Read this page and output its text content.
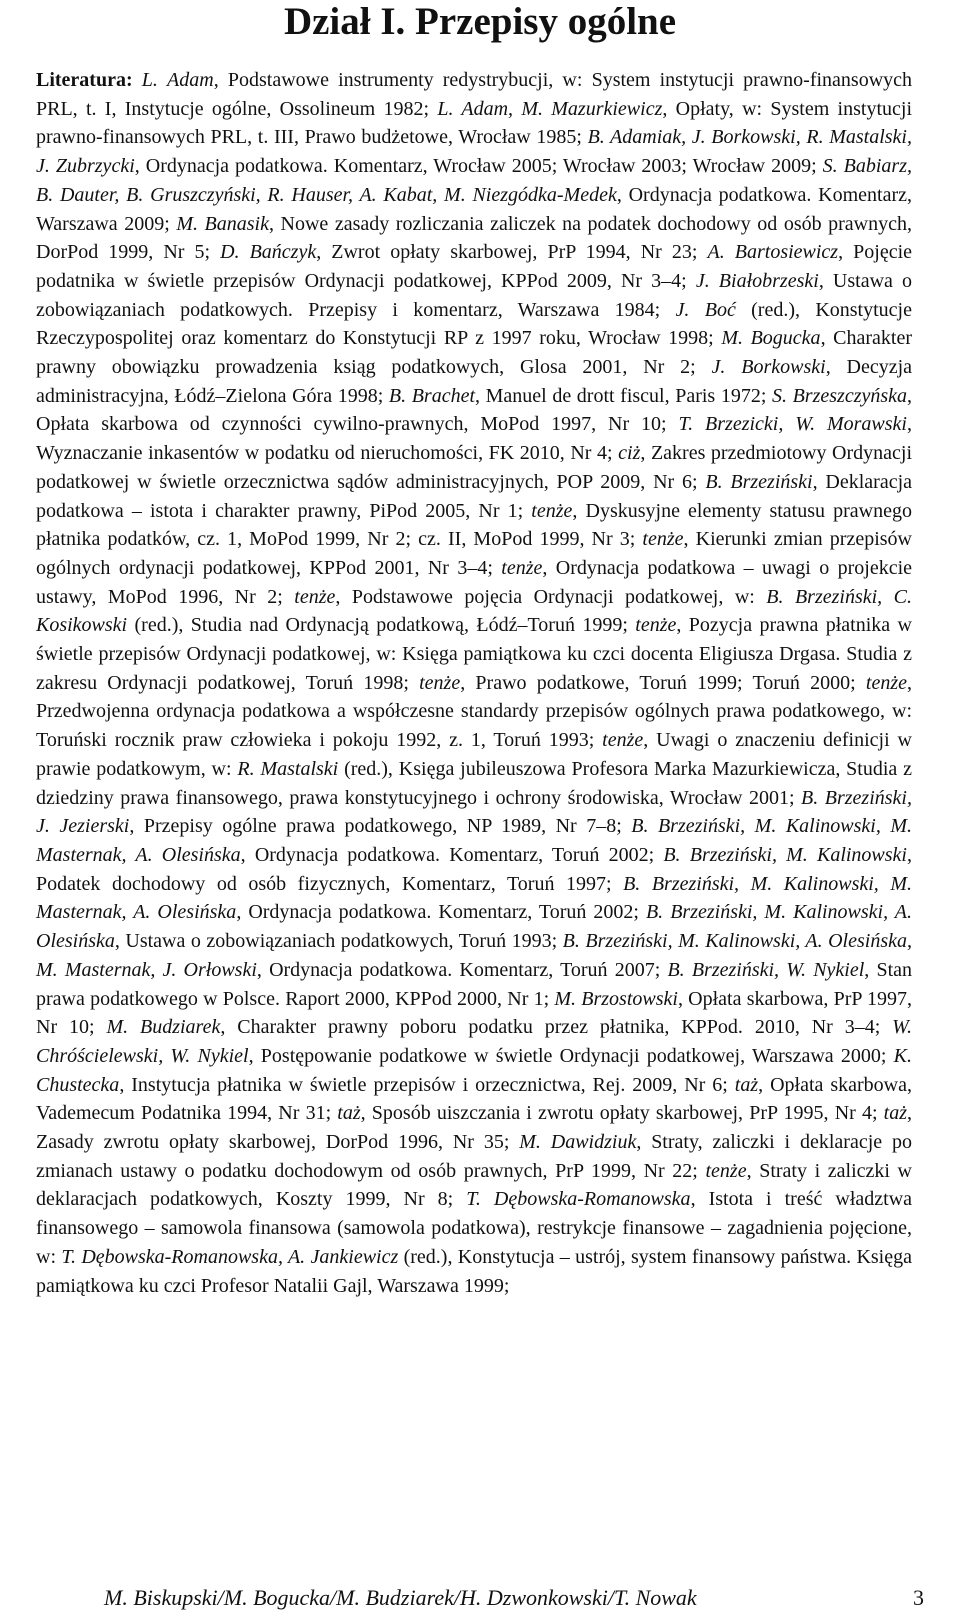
Dział I. Przepisy ogólne

Literatura: L. Adam, Podstawowe instrumenty redystrybucji, w: System instytucji prawno-finansowych PRL, t. I, Instytucje ogólne, Ossolineum 1982; L. Adam, M. Mazurkiewicz, Opłaty, w: System instytucji prawno-finansowych PRL, t. III, Prawo budżetowe, Wrocław 1985; B. Adamiak, J. Borkowski, R. Mastalski, J. Zubrzycki, Ordynacja podatkowa. Komentarz, Wrocław 2005; Wrocław 2003; Wrocław 2009; S. Babiarz, B. Dauter, B. Gruszczyński, R. Hauser, A. Kabat, M. Niezgódka-Medek, Ordynacja podatkowa. Komentarz, Warszawa 2009; M. Banasik, Nowe zasady rozliczania zaliczek na podatek dochodowy od osób prawnych, DorPod 1999, Nr 5; D. Bańczyk, Zwrot opłaty skarbowej, PrP 1994, Nr 23; A. Bartosiewicz, Pojęcie podatnika w świetle przepisów Ordynacji podatkowej, KPPod 2009, Nr 3–4; J. Białobrzeski, Ustawa o zobowiązaniach podatkowych. Przepisy i komentarz, Warszawa 1984; J. Boć (red.), Konstytucje Rzeczypospolitej oraz komentarz do Konstytucji RP z 1997 roku, Wrocław 1998; M. Bogucka, Charakter prawny obowiązku prowadzenia ksiąg podatkowych, Glosa 2001, Nr 2; J. Borkowski, Decyzja administracyjna, Łódź–Zielona Góra 1998; B. Brachet, Manuel de drott fiscul, Paris 1972; S. Brzeszczyńska, Opłata skarbowa od czynności cywilno-prawnych, MoPod 1997, Nr 10; T. Brzezicki, W. Morawski, Wyznaczanie inkasentów w podatku od nieruchomości, FK 2010, Nr 4; ciż, Zakres przedmiotowy Ordynacji podatkowej w świetle orzecznictwa sądów administracyjnych, POP 2009, Nr 6; B. Brzeziński, Deklaracja podatkowa – istota i charakter prawny, PiPod 2005, Nr 1; tenże, Dyskusyjne elementy statusu prawnego płatnika podatków, cz. 1, MoPod 1999, Nr 2; cz. II, MoPod 1999, Nr 3; tenże, Kierunki zmian przepisów ogólnych ordynacji podatkowej, KPPod 2001, Nr 3–4; tenże, Ordynacja podatkowa – uwagi o projekcie ustawy, MoPod 1996, Nr 2; tenże, Podstawowe pojęcia Ordynacji podatkowej, w: B. Brzeziński, C. Kosikowski (red.), Studia nad Ordynacją podatkową, Łódź–Toruń 1999; tenże, Pozycja prawna płatnika w świetle przepisów Ordynacji podatkowej, w: Księga pamiątkowa ku czci docenta Eligiusza Drgasa. Studia z zakresu Ordynacji podatkowej, Toruń 1998; tenże, Prawo podatkowe, Toruń 1999; Toruń 2000; tenże, Przedwojenna ordynacja podatkowa a współczesne standardy przepisów ogólnych prawa podatkowego, w: Toruński rocznik praw człowieka i pokoju 1992, z. 1, Toruń 1993; tenże, Uwagi o znaczeniu definicji w prawie podatkowym, w: R. Mastalski (red.), Księga jubileuszowa Profesora Marka Mazurkiewicza, Studia z dziedziny prawa finansowego, prawa konstytucyjnego i ochrony środowiska, Wrocław 2001; B. Brzeziński, J. Jezierski, Przepisy ogólne prawa podatkowego, NP 1989, Nr 7–8; B. Brzeziński, M. Kalinowski, M. Masternak, A. Olesińska, Ordynacja podatkowa. Komentarz, Toruń 2002; B. Brzeziński, M. Kalinowski, Podatek dochodowy od osób fizycznych, Komentarz, Toruń 1997; B. Brzeziński, M. Kalinowski, M. Masternak, A. Olesińska, Ordynacja podatkowa. Komentarz, Toruń 2002; B. Brzeziński, M. Kalinowski, A. Olesińska, Ustawa o zobowiązaniach podatkowych, Toruń 1993; B. Brzeziński, M. Kalinowski, A. Olesińska, M. Masternak, J. Orłowski, Ordynacja podatkowa. Komentarz, Toruń 2007; B. Brzeziński, W. Nykiel, Stan prawa podatkowego w Polsce. Raport 2000, KPPod 2000, Nr 1; M. Brzostowski, Opłata skarbowa, PrP 1997, Nr 10; M. Budziarek, Charakter prawny poboru podatku przez płatnika, KPPod. 2010, Nr 3–4; W. Chróścielewski, W. Nykiel, Postępowanie podatkowe w świetle Ordynacji podatkowej, Warszawa 2000; K. Chustecka, Instytucja płatnika w świetle przepisów i orzecznictwa, Rej. 2009, Nr 6; taż, Opłata skarbowa, Vademecum Podatnika 1994, Nr 31; taż, Sposób uiszczania i zwrotu opłaty skarbowej, PrP 1995, Nr 4; taż, Zasady zwrotu opłaty skarbowej, DorPod 1996, Nr 35; M. Dawidziuk, Straty, zaliczki i deklaracje po zmianach ustawy o podatku dochodowym od osób prawnych, PrP 1999, Nr 22; tenże, Straty i zaliczki w deklaracjach podatkowych, Koszty 1999, Nr 8; T. Dębowska-Romanowska, Istota i treść władztwa finansowego – samowola finansowa (samowola podatkowa), restrykcje finansowe – zagadnienia pojęcione, w: T. Dębowska-Romanowska, A. Jankiewicz (red.), Konstytucja – ustrój, system finansowy państwa. Księga pamiątkowa ku czci Profesor Natalii Gajl, Warszawa 1999;

M. Biskupski/M. Bogucka/M. Budziarek/H. Dzwonkowski/T. Nowak	3
